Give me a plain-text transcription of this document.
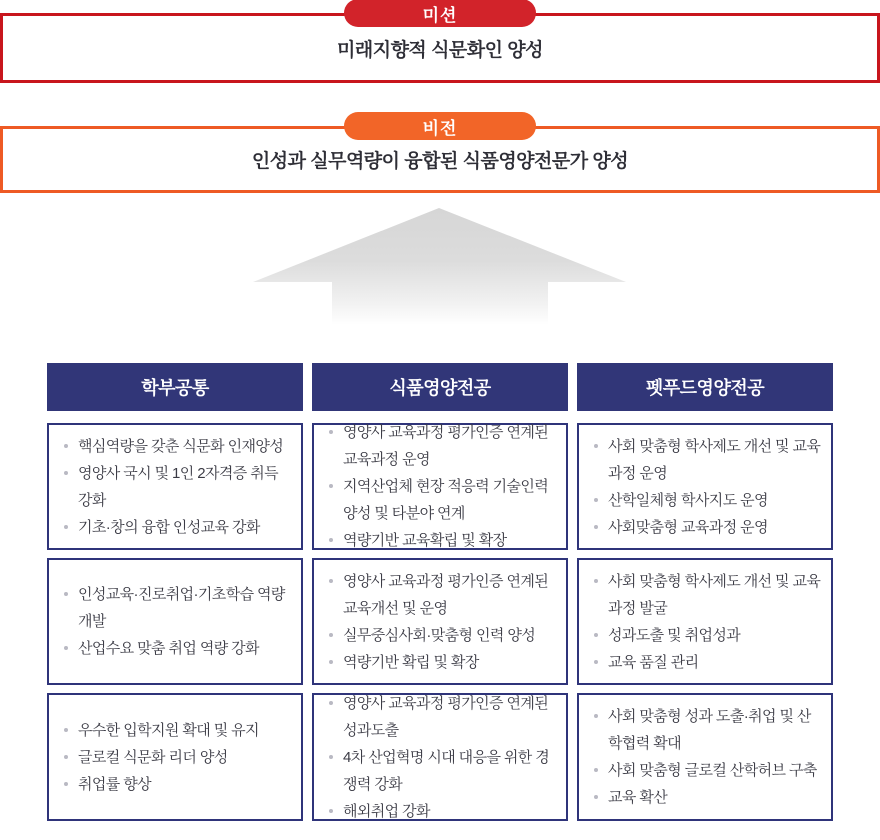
미션
미래지향적 식문화인 양성
비전
인성과 실무역량이 융합된 식품영양전문가 양성
학부공통
핵심역량을 갖춘 식문화 인재양성
영양사 국시 및 1인 2자격증 취득 강화
기초·창의 융합 인성교육 강화
인성교육·진로취업·기초학습 역량 개발
산업수요 맞춤 취업 역량 강화
우수한 입학지원 확대 및 유지
글로컬 식문화 리더 양성
취업률 향상
식품영양전공
영양사 교육과정 평가인증 연계된 교육과정 운영
지역산업체 현장 적응력 기술인력양성 및 타분야 연계
역량기반 교육확립 및 확장
영양사 교육과정 평가인증 연계된 교육개선 및 운영
실무중심사회·맞춤형 인력 양성
역량기반 확립 및 확장
영양사 교육과정 평가인증 연계된 성과도출
4차 산업혁명 시대 대응을 위한 경쟁력 강화
해외취업 강화
펫푸드영양전공
사회 맞춤형 학사제도 개선 및 교육과정 운영
산학일체형 학사지도 운영
사회맞춤형 교육과정 운영
사회 맞춤형 학사제도 개선 및 교육과정 발굴
성과도출 및 취업성과
교육 품질 관리
사회 맞춤형 성과 도출·취업 및 산학협력 확대
사회 맞춤형 글로컬 산학허브 구축
교육 확산
